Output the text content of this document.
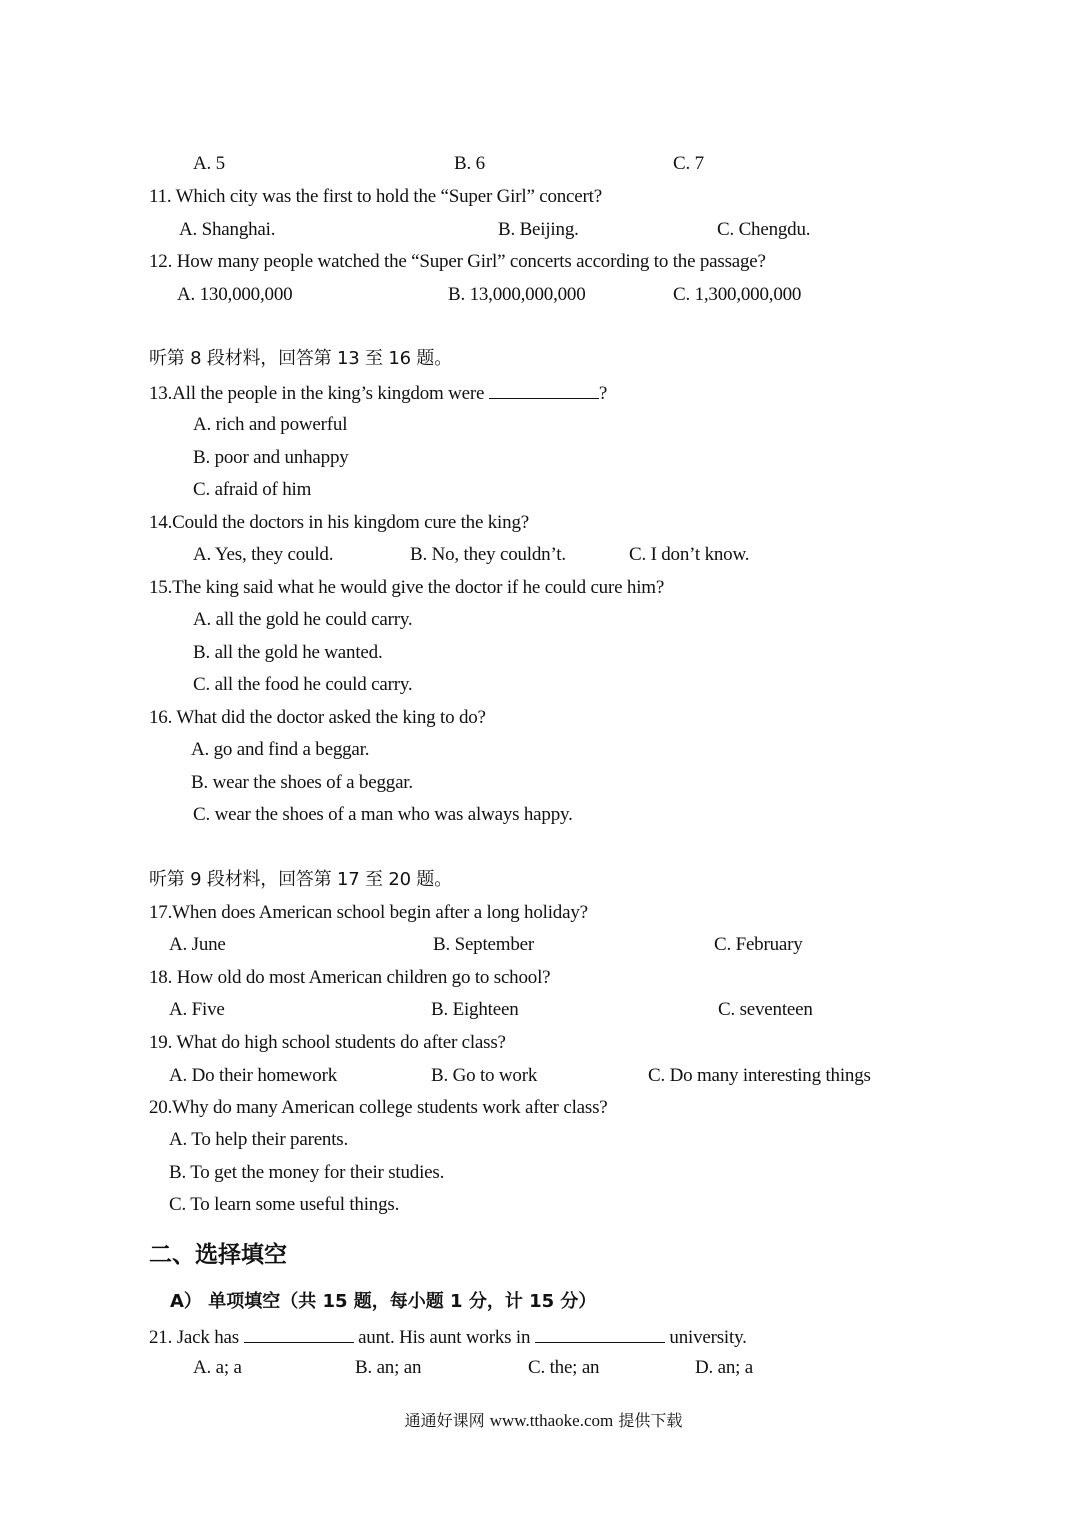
A. 5	B. 6	C. 7
11. Which city was the first to hold the “Super Girl” concert?
A. Shanghai.	B. Beijing.	C. Chengdu.
12. How many people watched the “Super Girl” concerts according to the passage?
A. 130,000,000	B. 13,000,000,000	C. 1,300,000,000
听第 8 段材料，回答第 13 至 16 题。
13.All the people in the king’s kingdom were	?
A. rich and powerful
B. poor and unhappy
C. afraid of him
14.Could the doctors in his kingdom cure the king?
A. Yes, they could.	B. No, they couldn’t.	C. I don’t know.
15.The king said what he would give the doctor if he could cure him?
A. all the gold he could carry.
B. all the gold he wanted.
C. all the food he could carry.
16. What did the doctor asked the king to do?
A. go and find a beggar.
B. wear the shoes of a beggar.
C. wear the shoes of a man who was always happy.
听第 9 段材料，回答第 17 至 20 题。
17.When does American school begin after a long holiday?
A. June	B. September	C. February
18. How old do most American children go to school?
A. Five	B. Eighteen	C. seventeen
19. What do high school students do after class?
A. Do their homework	B. Go to work	C. Do many interesting things
20.Why do many American college students work after class?
A. To help their parents.
B. To get the money for their studies.
C. To learn some useful things.
二、选择填空
A） 单项填空（共 15 题，每小题 1 分，计 15 分）
21. Jack has	aunt. His aunt works in	university.
A. a; a	B. an; an	C. the; an	D. an; a
通通好课网 www.tthaoke.com 提供下载
